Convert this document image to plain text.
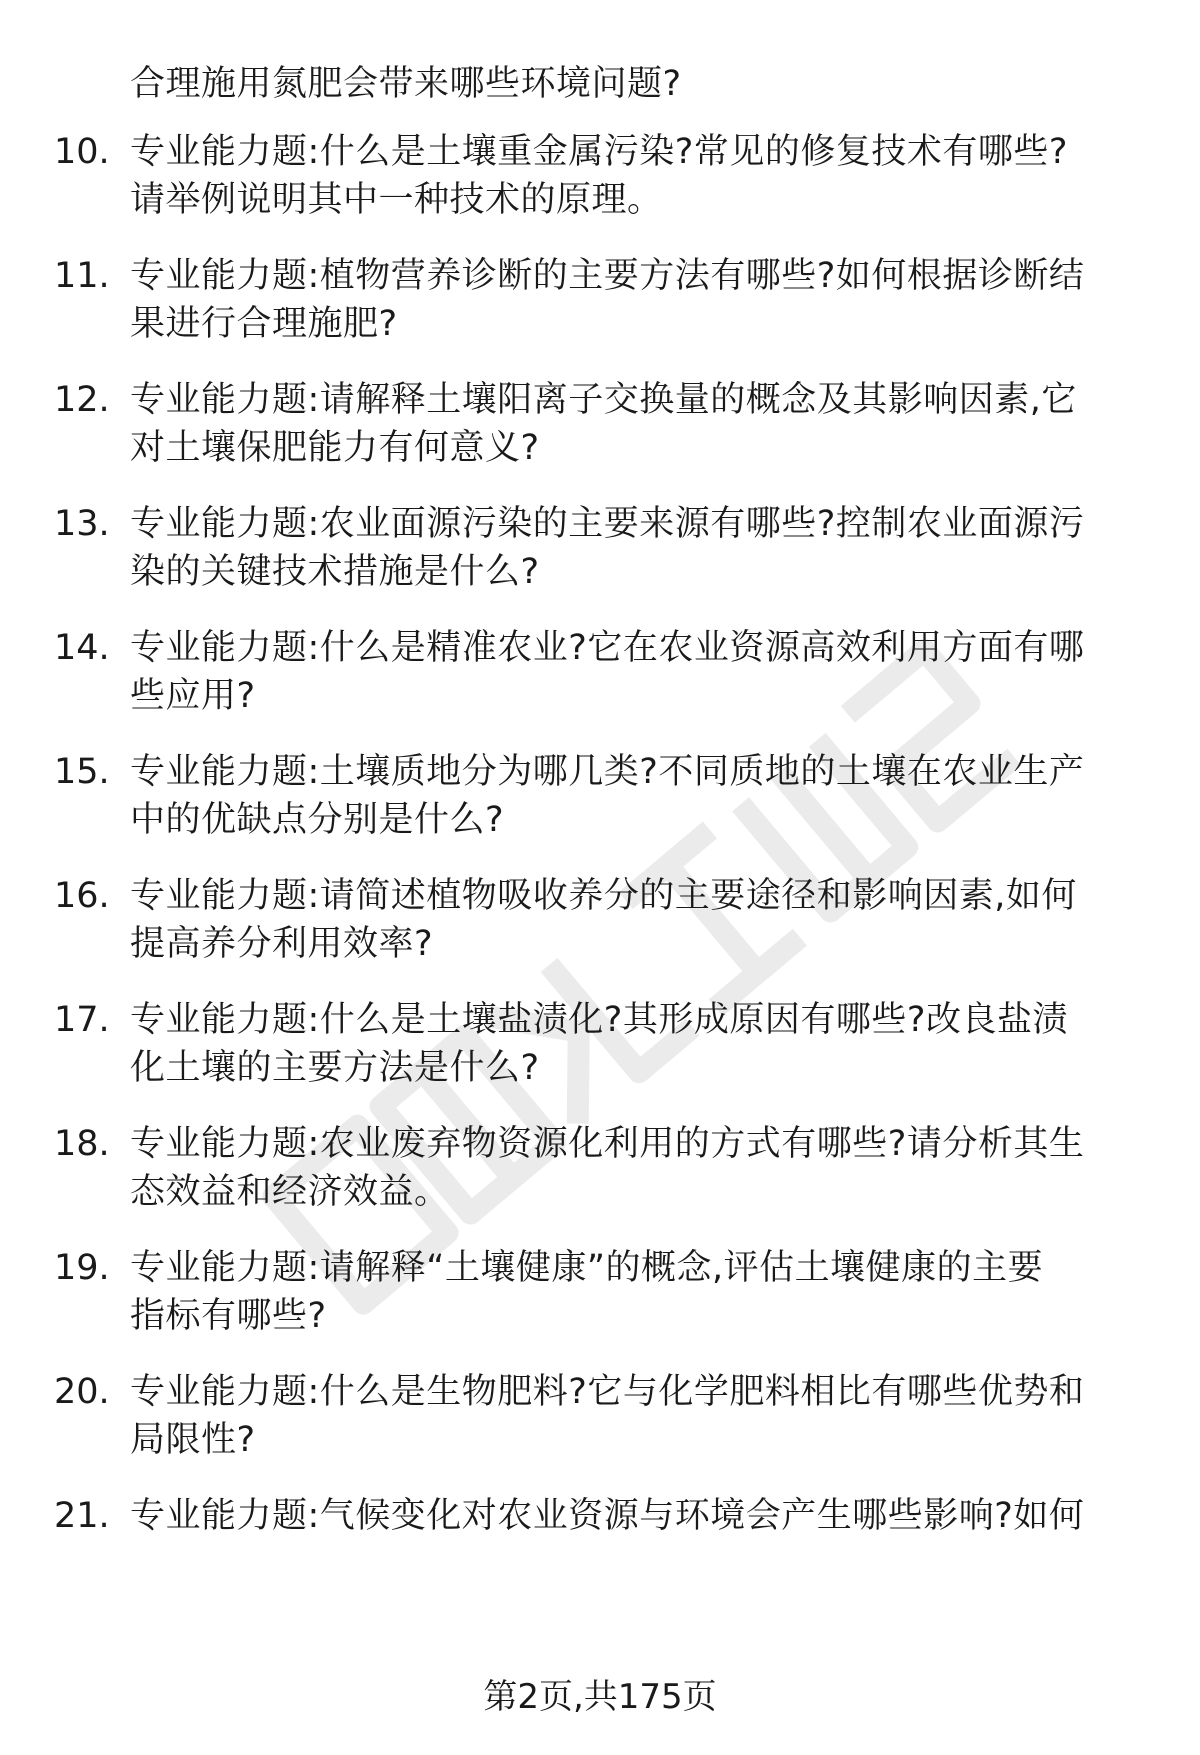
合理施用氮肥会带来哪些环境问题?
10. 专业能力题:什么是土壤重金属污染?常见的修复技术有哪些?
请举例说明其中一种技术的原理。
11. 专业能力题:植物营养诊断的主要方法有哪些?如何根据诊断结
果进行合理施肥?
12. 专业能力题:请解释土壤阳离子交换量的概念及其影响因素,它
对土壤保肥能力有何意义?
13. 专业能力题:农业面源污染的主要来源有哪些?控制农业面源污
染的关键技术措施是什么?
14. 专业能力题:什么是精准农业?它在农业资源高效利用方面有哪
些应用?
15. 专业能力题:土壤质地分为哪几类?不同质地的土壤在农业生产
中的优缺点分别是什么?
16. 专业能力题:请简述植物吸收养分的主要途径和影响因素,如何
提高养分利用效率?
17. 专业能力题:什么是土壤盐渍化?其形成原因有哪些?改良盐渍
化土壤的主要方法是什么?
18. 专业能力题:农业废弃物资源化利用的方式有哪些?请分析其生
态效益和经济效益。
19. 专业能力题:请解释“土壤健康”的概念,评估土壤健康的主要
指标有哪些?
20. 专业能力题:什么是生物肥料?它与化学肥料相比有哪些优势和
局限性?
21. 专业能力题:气候变化对农业资源与环境会产生哪些影响?如何
第2页,共175页
